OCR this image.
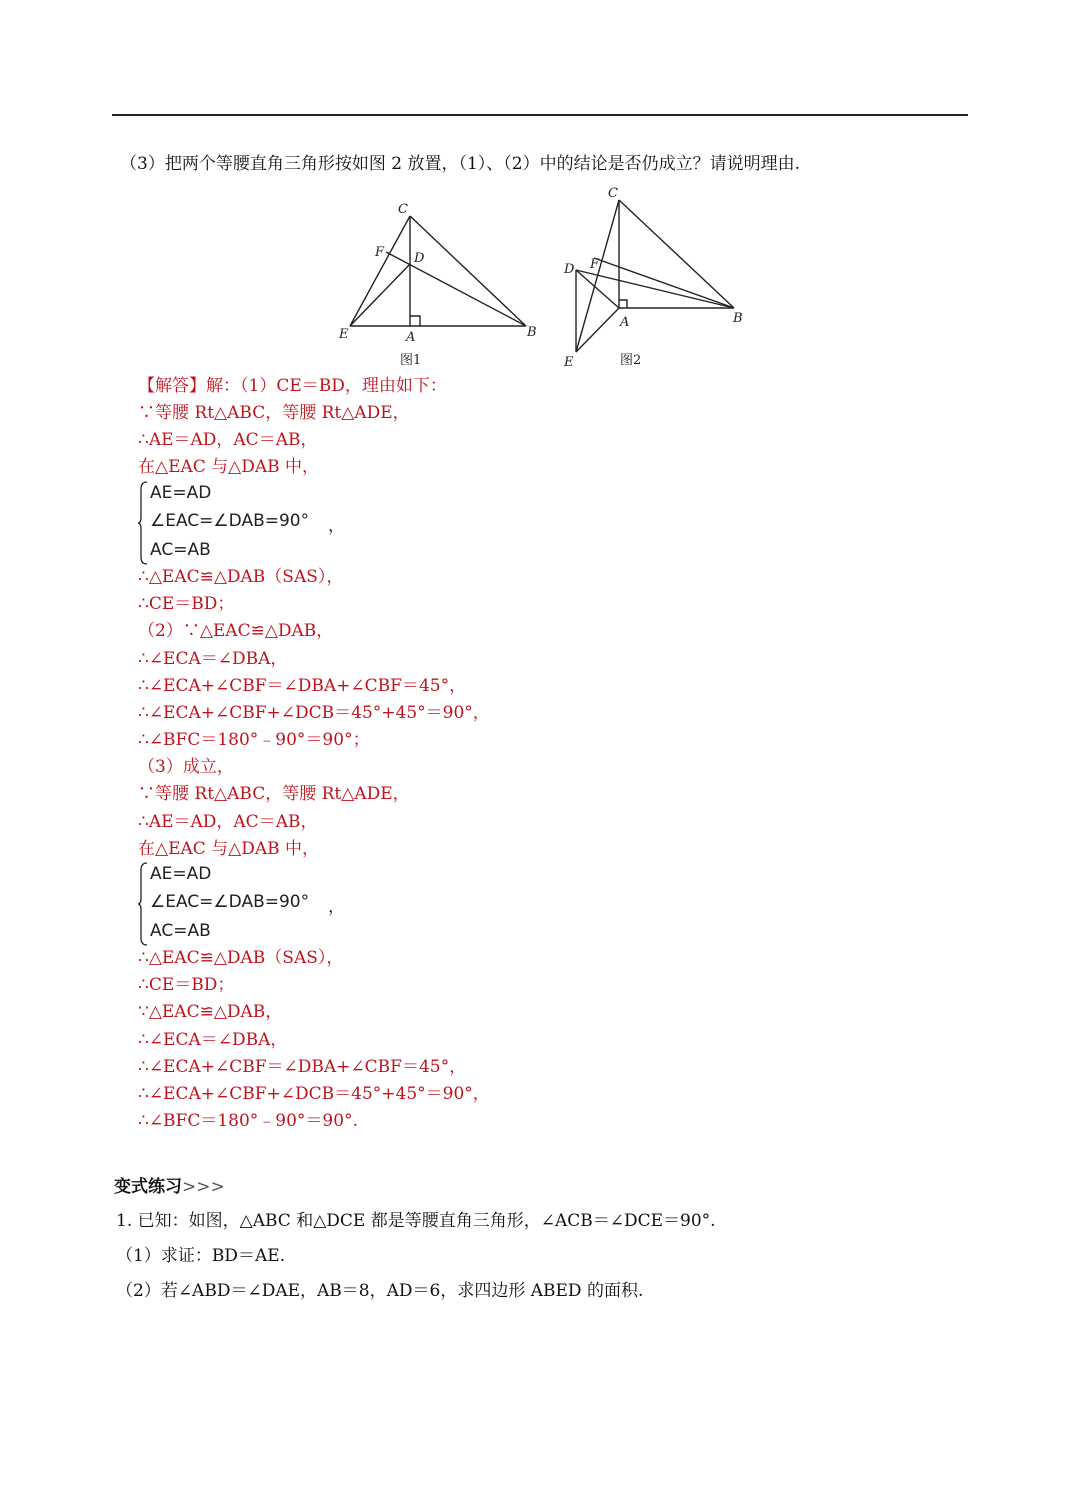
（3）把两个等腰直角三角形按如图 2 放置，（1）、（2）中的结论是否仍成立？请说明理由.
C
F D
E	A	B
图1
C
D F
A	B
E	图2
【解答】解：（1）CE＝BD，理由如下：
∵等腰 Rt△ABC，等腰 Rt△ADE，
∴AE＝AD，AC＝AB，
在△EAC 与△DAB 中，
AE=AD
∠EAC=∠DAB=90°
AC=AB
，
∴△EAC≌△DAB（SAS），
∴CE＝BD；
（2）∵△EAC≌△DAB，
∴∠ECA＝∠DBA，
∴∠ECA+∠CBF＝∠DBA+∠CBF＝45°，
∴∠ECA+∠CBF+∠DCB＝45°+45°＝90°，
∴∠BFC＝180°﹣90°＝90°；
（3）成立，
∵等腰 Rt△ABC，等腰 Rt△ADE，
∴AE＝AD，AC＝AB，
在△EAC 与△DAB 中，
AE=AD
∠EAC=∠DAB=90°
AC=AB
，
∴△EAC≌△DAB（SAS），
∴CE＝BD；
∵△EAC≌△DAB，
∴∠ECA＝∠DBA，
∴∠ECA+∠CBF＝∠DBA+∠CBF＝45°，
∴∠ECA+∠CBF+∠DCB＝45°+45°＝90°，
∴∠BFC＝180°﹣90°＝90°.
变式练习>>>
1. 已知：如图，△ABC 和△DCE 都是等腰直角三角形，∠ACB＝∠DCE＝90°.
（1）求证：BD＝AE.
（2）若∠ABD＝∠DAE，AB＝8，AD＝6，求四边形 ABED 的面积.
